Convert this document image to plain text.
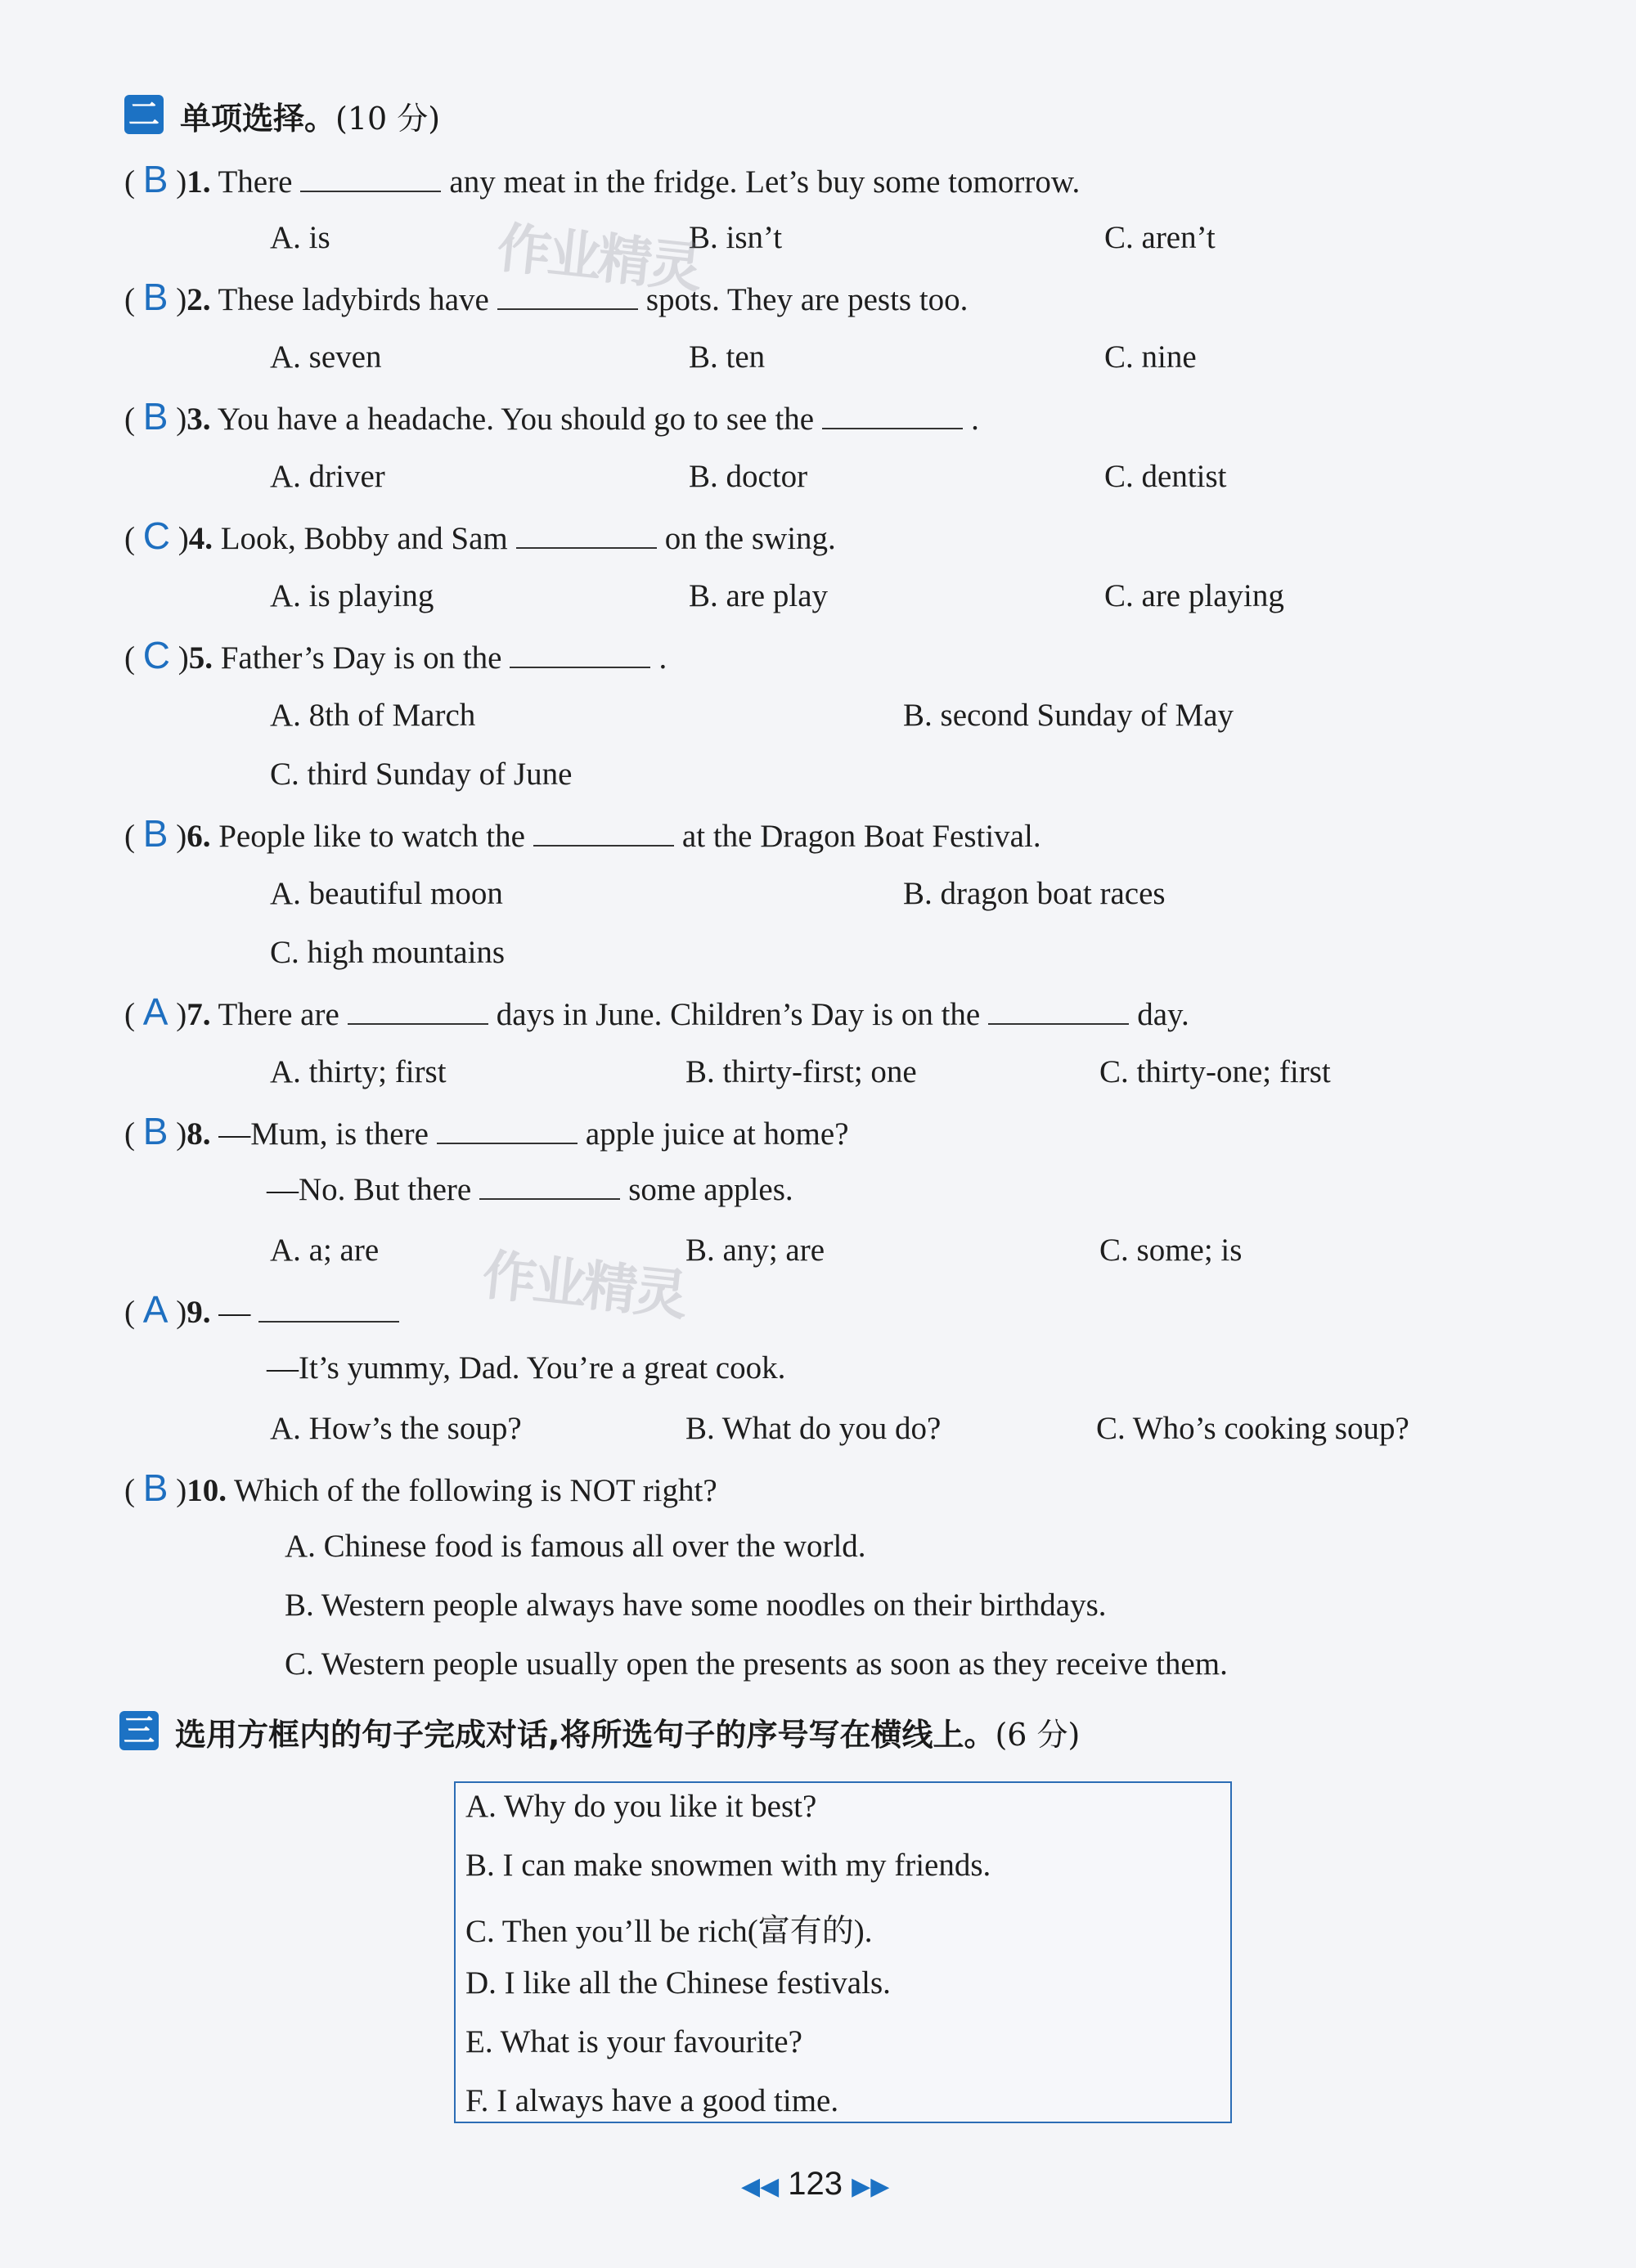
二 单项选择。(10 分)
( B )1. There	any meat in the fridge. Let’s buy some tomorrow.
A. is	B. isn’t	C. aren’t
( B )2. These ladybirds have	spots. They are pests too.
A. seven	B. ten	C. nine
( B )3. You have a headache. You should go to see the	.
A. driver	B. doctor	C. dentist
( C )4. Look, Bobby and Sam	on the swing.
A. is playing	B. are play	C. are playing
( C )5. Father’s Day is on the	.
A. 8th of March	B. second Sunday of May
C. third Sunday of June
( B )6. People like to watch the	at the Dragon Boat Festival.
A. beautiful moon	B. dragon boat races
C. high mountains
( A )7. There are	days in June. Children’s Day is on the	day.
A. thirty; first	B. thirty-first; one	C. thirty-one; first
( B )8. —Mum, is there	apple juice at home?
—No. But there	some apples.
A. a; are	B. any; are	C. some; is
( A )9. —
—It’s yummy, Dad. You’re a great cook.
A. How’s the soup?	B. What do you do?	C. Who’s cooking soup?
( B )10. Which of the following is NOT right?
A. Chinese food is famous all over the world.
B. Western people always have some noodles on their birthdays.
C. Western people usually open the presents as soon as they receive them.
三 选用方框内的句子完成对话,将所选句子的序号写在横线上。(6 分)
A. Why do you like it best?
B. I can make snowmen with my friends.
C. Then you’ll be rich(富有的).
D. I like all the Chinese festivals.
E. What is your favourite?
F. I always have a good time.
作业精灵
作业精灵
◀◀ 123 ▶▶
